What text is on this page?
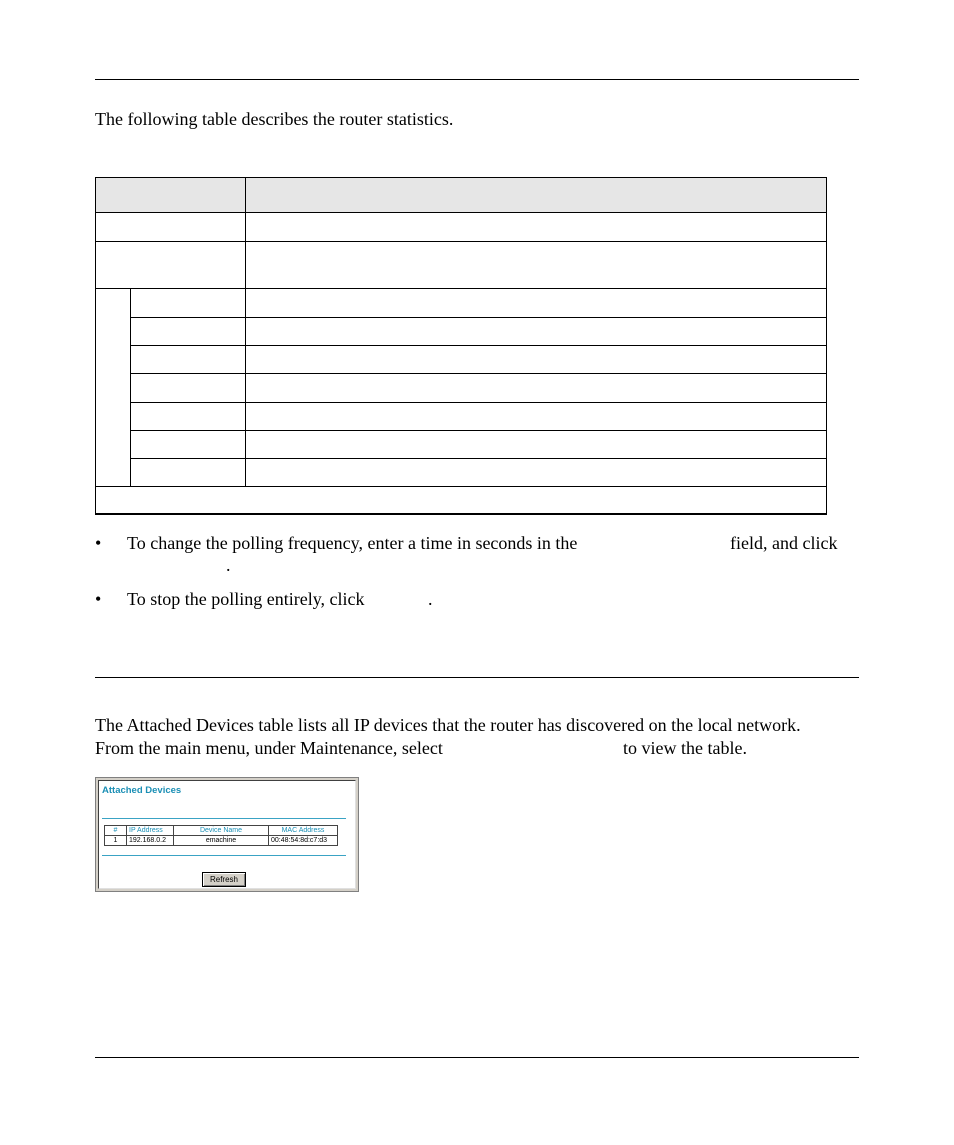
The following table describes the router statistics.
• To change the polling frequency, enter a time in seconds in the	field, and click
.
• To stop the polling entirely, click	.
The Attached Devices table lists all IP devices that the router has discovered on the local network.
From the main menu, under Maintenance, select	to view the table.
Attached Devices
#	IP Address	Device Name	MAC Address
1	192.168.0.2	emachine	00:48:54:8d:c7:d3
Refresh
